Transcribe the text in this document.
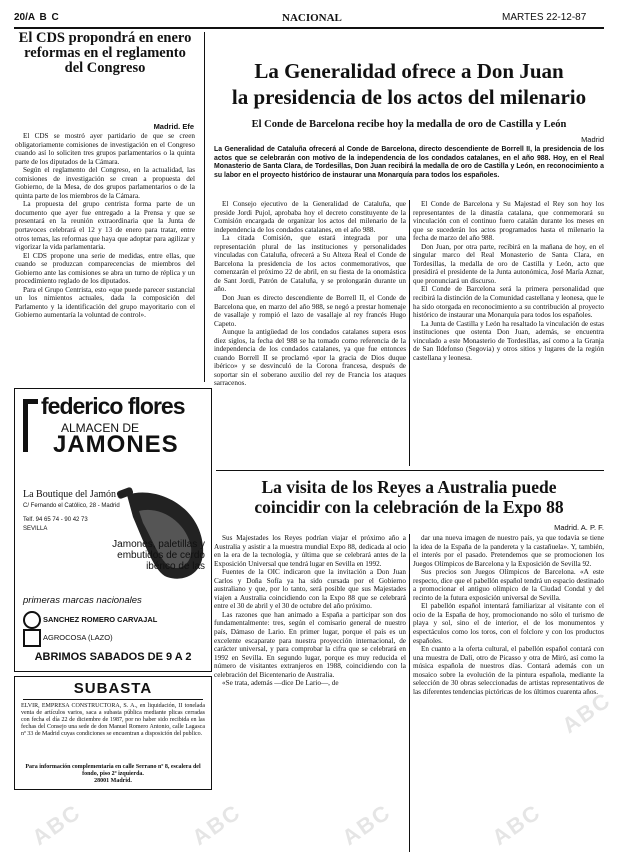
20/A B C	NACIONAL	MARTES 22-12-87
El CDS propondrá en enero reformas en el reglamento del Congreso
Madrid. Efe

El CDS se mostró ayer partidario de que se creen obligatoriamente comisiones de investigación en el Congreso cuando así lo soliciten tres grupos parlamentarios o la quinta parte de los diputados de la Cámara.

Según el reglamento del Congreso, en la actualidad, las comisiones de investigación se crean a propuesta del Gobierno, de la Mesa, de dos grupos parlamentarios o de la quinta parte de los miembros de la Cámara.

La propuesta del grupo centrista forma parte de un documento que ayer fue entregado a la Prensa y que se presentará en la reunión extraordinaria que la Junta de portavoces celebrará el 12 y 13 de enero para tratar, entre otros temas, las reformas que haya que adoptar para agilizar y vigorizar la vida parlamentaria.

El CDS propone una serie de medidas, entre ellas, que cuando se produzcan comparecencias de miembros del Gobierno ante las comisiones se abra un turno de réplica y un procedimiento reglado de los diputados.

Para el Grupo Centrista, esto «que puede parecer sustancial un los nimientos actuales, dada la composición del Parlamento y la identificación del grupo mayoritario con el Gobierno aumentaría la voluntad de control».

federico flores
ALMACEN DE
JAMONES
La Boutique del Jamón
C/ Fernando el Católico, 28 - Madrid
Telf. 94 65 74 - 90 42 73
SEVILLA
Jamones, paletillas y embutidos de cerdo ibérico de las
primeras marcas nacionales
SANCHEZ ROMERO CARVAJAL
AGROCOSA (LAZO)
ABRIMOS SABADOS DE 9 A 2
SUBASTA
ELVIR, EMPRESA CONSTRUCTORA, S. A., en liquidación, II tonelada venta de artículos varios, saca a subasta pública mediante plicas cerradas con fecha el día 22 de diciembre de 1987, por no haber sido recibida en las fechas del Consejo una sede de don Manuel Romero Antonio, calle Lagasca nº 33 de Madrid cuyas condiciones se encuentran a disposición del publico.
Para información complementaria en calle Serrano nº 8, escalera del fondo, piso 2º izquierda.
28001 Madrid.
La Generalidad ofrece a Don Juan
la presidencia de los actos del milenario
El Conde de Barcelona recibe hoy la medalla de oro de Castilla y León
Madrid
La Generalidad de Cataluña ofrecerá al Conde de Barcelona, directo descendiente de Borrell II, la presidencia de los actos que se celebrarán con motivo de la independencia de los condados catalanes, en el año 988. Hoy, en el Real Monasterio de Santa Clara, de Tordesillas, Don Juan recibirá la medalla de oro de Castilla y León, en reconocimiento a su labor en el proyecto histórico de instaurar una Monarquía para todos los españoles.

El Consejo ejecutivo de la Generalidad de Cataluña, que preside Jordi Pujol, aprobaba hoy el decreto constituyente de la Comisión encargada de organizar los actos del milenario de la independencia de los condados catalanes, en el año 988.

La citada Comisión, que estará integrada por una representación plural de las instituciones y personalidades vinculadas con Cataluña, ofrecerá a Su Alteza Real el Conde de Barcelona la presidencia de los actos conmemorativos, que comenzarán el próximo 22 de abril, en su fiesta de la onomástica de Sant Jordi, Patrón de Cataluña, y se prolongarán durante un año.

Don Juan es directo descendiente de Borrell II, el Conde de Barcelona que, en marzo del año 988, se negó a prestar homenaje de vasallaje y rompió el lazo de vasallaje al rey francés Hugo Capeto.

Aunque la antigüedad de los condados catalanes supera esos diez siglos, la fecha del 988 se ha tomado como referencia de la independencia de los condados catalanes, ya que fue entonces cuando Borrell II se proclamó «por la gracia de Dios duque ibérico» y se desvinculó de la Corona francesa, después de soportar sin el soberano auxilio del rey de Francia los ataques sarracenos.

El Conde de Barcelona y Su Majestad el Rey son hoy los representantes de la dinastía catalana, que conmemorará su vinculación con el continuo fuero catalán durante los meses en que se sucederán los actos programados hasta el milenario la fecha de marzo del año 988.

Don Juan, por otra parte, recibirá en la mañana de hoy, en el singular marco del Real Monasterio de Santa Clara, en Tordesillas, la medalla de oro de Castilla y León, acto que presidirá el presidente de la Junta autonómica, José María Aznar, que pronunciará un discurso.

El Conde de Barcelona será la primera personalidad que recibirá la distinción de la Comunidad castellana y leonesa, que le ha sido otorgada en reconocimiento a su contribución al proyecto histórico de instaurar una Monarquía para todos los españoles.

La Junta de Castilla y León ha resaltado la vinculación de estas instituciones que ostenta Don Juan, además, se encuentra vinculado a este Monasterio de Tordesillas, así como a la Granja de San Ildefonso (Segovia) y otros sitios y lugares de la región castellana y leonesa.

La visita de los Reyes a Australia puede
coincidir con la celebración de la Expo 88
Madrid. A. P. F.

Sus Majestades los Reyes podrían viajar el próximo año a Australia y asistir a la muestra mundial Expo 88, dedicada al ocio en la era de la tecnología, y última que se celebrará antes de la Exposición Universal que tendrá lugar en Sevilla en 1992.

Fuentes de la OIC indicaron que la invitación a Don Juan Carlos y Doña Sofía ya ha sido cursada por el Gobierno australiano y que, por lo tanto, será posible que sus Majestades viajen a Australia coincidiendo con la Expo 88 que se celebrará entre el 30 de abril y el 30 de octubre del año próximo.

Las razones que han animado a España a participar son dos fundamentalmente: tres, según el comisario general de nuestro país, Dámaso de Lario. En primer lugar, porque el país es un excelente escaparate para nuestra proyección internacional, de carácter universal, y para comprobar la cifra que se celebrará en 1992 en Sevilla. En segundo lugar, porque es muy reducida el número de visitantes extranjeros en 1988, coincidiendo con la celebración del Bicentenario de Australia.

«Se trata, además —dice De Lario—, de

dar una nueva imagen de nuestro país, ya que todavía se tiene la idea de la España de la pandereta y la castañuela». Y, también, el interés por el pasado. Pretendemos que se promocionen los Juegos Olímpicos de Barcelona y la Exposición de Sevilla 92.

Sus precios son Juegos Olímpicos de Barcelona. «A este respecto, dice que el pabellón español tendrá un espacio destinado a promocionar el antiguo olímpico de la Ciudad Condal y del recinto de la futura exposición universal de Sevilla.

El pabellón español intentará familiarizar al visitante con el ocio de la España de hoy, promocionando no sólo el turismo de playa y sol, sino el de interior, el de los monumentos y espectáculos como los toros, con el folclore y con los productos españoles.

En cuanto a la oferta cultural, el pabellón español contará con una muestra de Dalí, otro de Picasso y otra de Miró, así como la música española de nuestros días. Contará además con un mosaico sobre la evolución de la pintura española, mediante la selección de 30 obras seleccionadas de artistas representativos de las diferentes tendencias pictóricas de los últimos cuarenta años.

ABC	ABC	ABC	ABC
ABC
